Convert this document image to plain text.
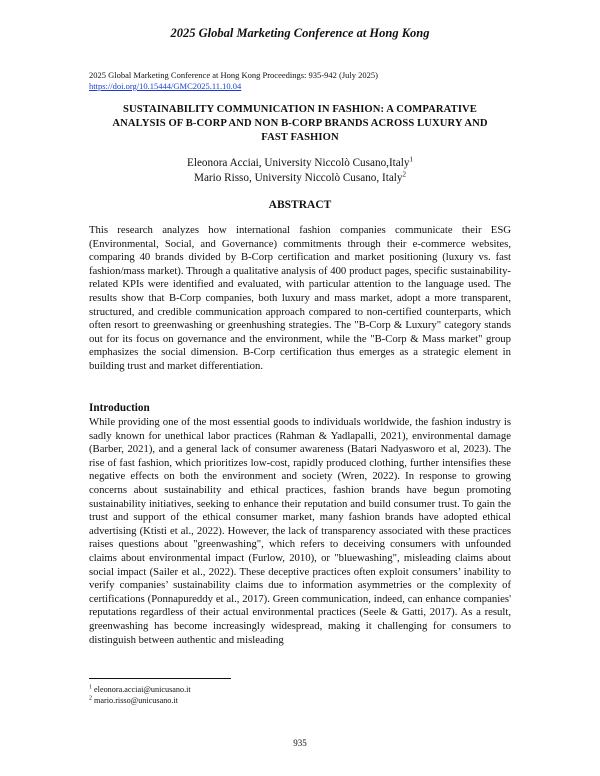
2025 Global Marketing Conference at Hong Kong
2025 Global Marketing Conference at Hong Kong Proceedings: 935-942 (July 2025)
https://doi.org/10.15444/GMC2025.11.10.04
SUSTAINABILITY COMMUNICATION IN FASHION: A COMPARATIVE ANALYSIS OF B-CORP AND NON B-CORP BRANDS ACROSS LUXURY AND FAST FASHION
Eleonora Acciai, University Niccolò Cusano,Italy$^1$
Mario Risso, University Niccolò Cusano, Italy$^2$
ABSTRACT

This research analyzes how international fashion companies communicate their ESG (Environmental, Social, and Governance) commitments through their e-commerce websites, comparing 40 brands divided by B-Corp certification and market positioning (luxury vs. fast fashion/mass market). Through a qualitative analysis of 400 product pages, specific sustainability-related KPIs were identified and evaluated, with particular attention to the language used. The results show that B-Corp companies, both luxury and mass market, adopt a more transparent, structured, and credible communication approach compared to non-certified counterparts, which often resort to greenwashing or greenhushing strategies. The "B-Corp & Luxury" category stands out for its focus on governance and the environment, while the "B-Corp & Mass market" group emphasizes the social dimension. B-Corp certification thus emerges as a strategic element in building trust and market differentiation.

Introduction

While providing one of the most essential goods to individuals worldwide, the fashion industry is sadly known for unethical labor practices (Rahman & Yadlapalli, 2021), environmental damage (Barber, 2021), and a general lack of consumer awareness (Batari Nadyasworo et al, 2023). The rise of fast fashion, which prioritizes low-cost, rapidly produced clothing, further intensifies these negative effects on both the environment and society (Wren, 2022). In response to growing concerns about sustainability and ethical practices, fashion brands have begun promoting sustainability initiatives, seeking to enhance their reputation and build consumer trust. To gain the trust and support of the ethical consumer market, many fashion brands have adopted ethical advertising (Ktisti et al., 2022). However, the lack of transparency associated with these practices raises questions about "greenwashing", which refers to deceiving consumers with unfounded claims about environmental impact (Furlow, 2010), or "bluewashing", misleading claims about social impact (Sailer et al., 2022). These deceptive practices often exploit consumers’ inability to verify companies’ sustainability claims due to information asymmetries or the complexity of certifications (Ponnapureddy et al., 2017). Green communication, indeed, can enhance companies' reputations regardless of their actual environmental practices (Seele & Gatti, 2017). As a result, greenwashing has become increasingly widespread, making it challenging for consumers to distinguish between authentic and misleading

$^1$ eleonora.acciai@unicusano.it
$^2$ mario.risso@unicusano.it
935
